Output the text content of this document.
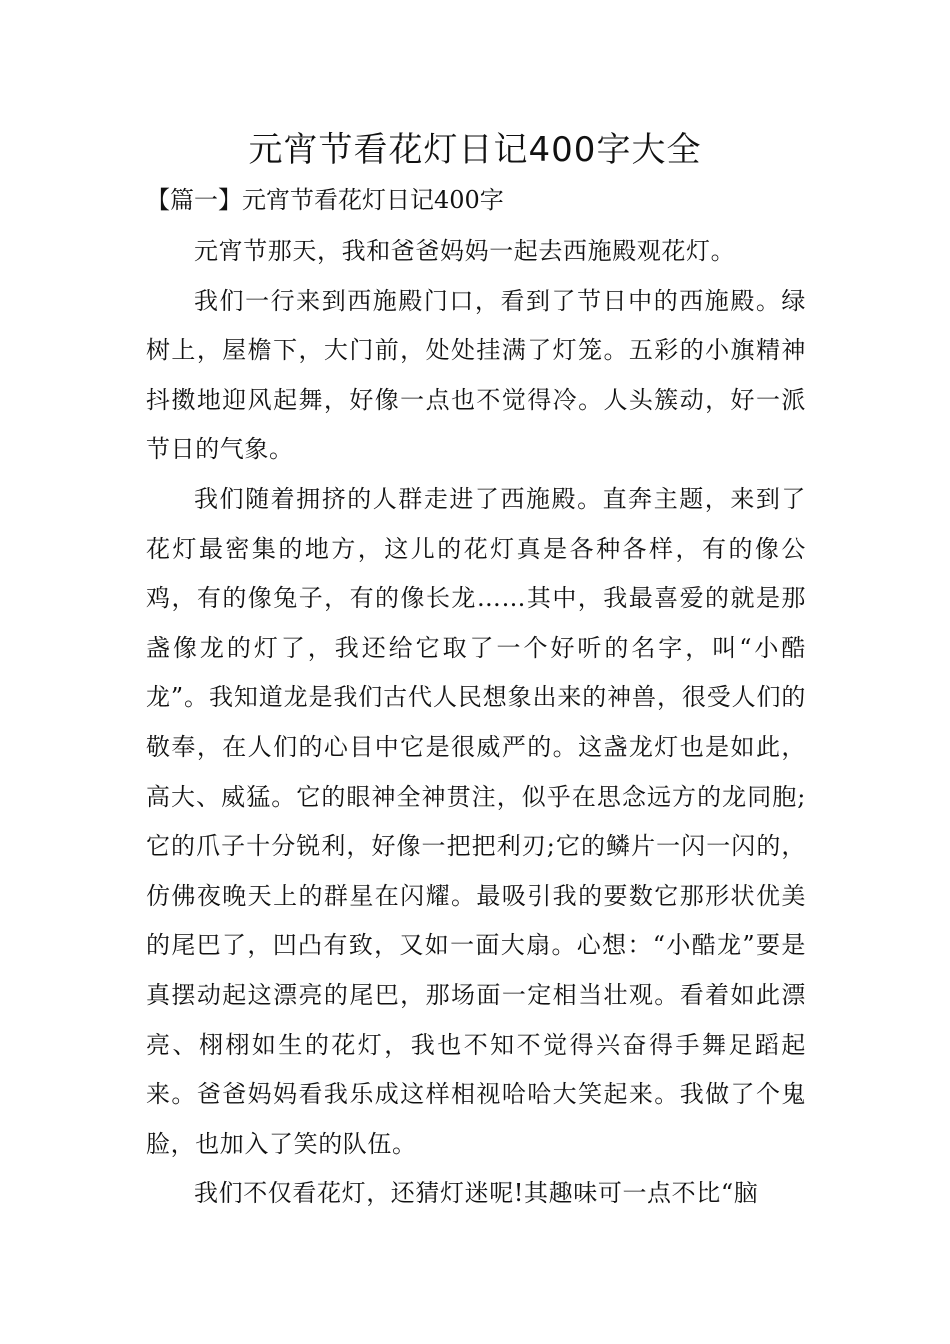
元宵节看花灯日记400字大全
【篇一】元宵节看花灯日记400字

元宵节那天，我和爸爸妈妈一起去西施殿观花灯。

我们一行来到西施殿门口，看到了节日中的西施殿。绿树上，屋檐下，大门前，处处挂满了灯笼。五彩的小旗精神抖擞地迎风起舞，好像一点也不觉得冷。人头簇动，好一派节日的气象。

我们随着拥挤的人群走进了西施殿。直奔主题，来到了花灯最密集的地方，这儿的花灯真是各种各样，有的像公鸡，有的像兔子，有的像长龙……其中，我最喜爱的就是那盏像龙的灯了，我还给它取了一个好听的名字，叫“小酷龙”。我知道龙是我们古代人民想象出来的神兽，很受人们的敬奉，在人们的心目中它是很威严的。这盏龙灯也是如此，高大、威猛。它的眼神全神贯注，似乎在思念远方的龙同胞;它的爪子十分锐利，好像一把把利刃;它的鳞片一闪一闪的，仿佛夜晚天上的群星在闪耀。最吸引我的要数它那形状优美的尾巴了，凹凸有致，又如一面大扇。心想：“小酷龙”要是真摆动起这漂亮的尾巴，那场面一定相当壮观。看着如此漂亮、栩栩如生的花灯，我也不知不觉得兴奋得手舞足蹈起来。爸爸妈妈看我乐成这样相视哈哈大笑起来。我做了个鬼脸，也加入了笑的队伍。

我们不仅看花灯，还猜灯迷呢!其趣味可一点不比“脑
